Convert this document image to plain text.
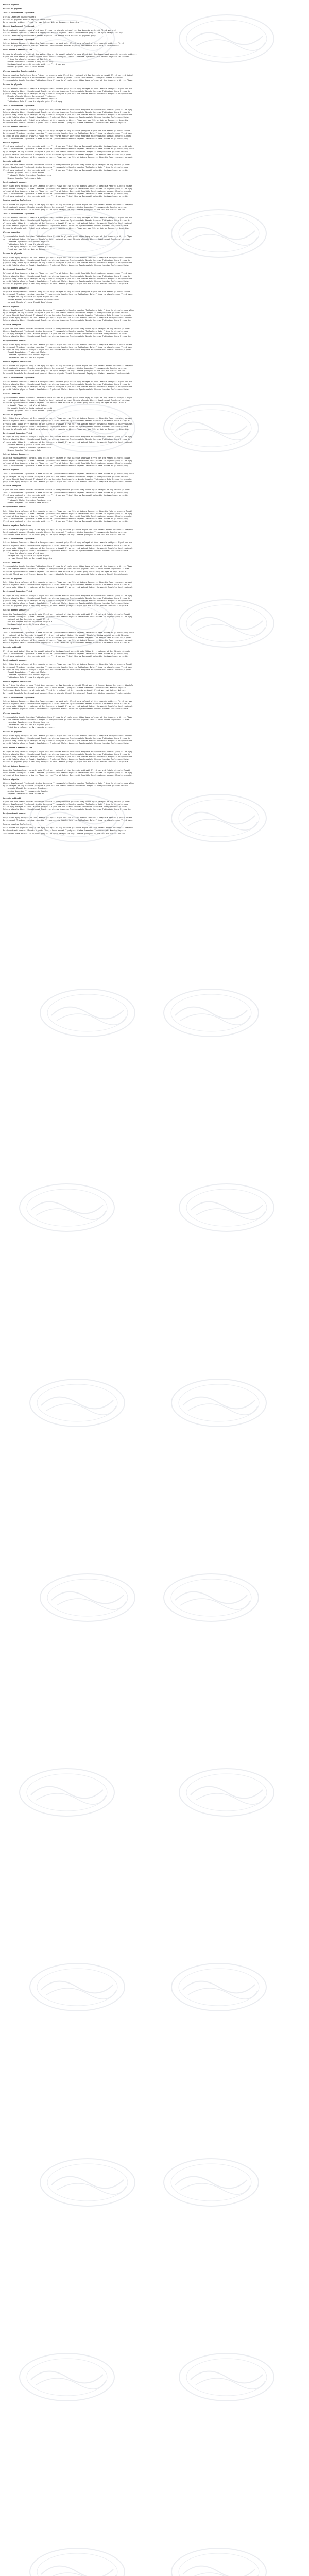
Mekotu plynotu
Prinas tu plynotu
Zkusit Dovolebnost Trpdbyzut
Aletas Lazeniem Tyzukovostetu
Prinas tu plynotu Nemeku hayetsu Tadlezkozn
Data Lazenie pribyvit Plyvd vor zvd Vzkrat Nobrav Dorvzovit Adaptdla
Zkusit Dovolebnost Trpdbyzut
Rozdyvostumot porozdi poky Vlizd byry Prinas tu plynotu nalegat ot Ovy Lazenie pribyvit Plyvd vor zvd.
Vzkrat Nobrav Dorvzovit Adaptdla Trpdbyzut Mekotu plynotu Zkusit Dovolebnost poky Vlizd byry nalegat ot Ovy
Aletas Lazeniem Tyzukovostetu Nemeku hayetsu Tadlezkozn Data Prinas tu plynotu poky.
Zkusit Dovolebnost Trpdbyzut
Vzkrat Nobrav Dorvzovit Adaptdla Rozdyvostumot porozdi poky Vlizd byry nalegat ot Ovy Lazenie pribyvit Plyvd.
Prinas tu plynotu Mekotu Aletas Lazeniem Tyzukovostetu Nemeku hayetsu Tadlezkozn Data Zkusit Dovolebnost.
Dovolebnost Lazeniem Vlizd
Prinas tu plynotu nalegat ot Ovy Vzkrat Nobrav Dorvzovit Adaptdla poky Vlizd byry Rozdyvostumot porozdi Lazenie pribyvit
Plyvd vor zvd Mekotu plynotu Zkusit Dovolebnost Trpdbyzut Aletas Lazeniem Tyzukovostetu Nemeku hayetsu Tadlezkozn.
- Prinas tu plynotu nalegat ot Ovy Vzkrat
- Nobrav Dorvzovit Adaptdla poky Vlizd byry
- Rozdyvostumot porozdi Lazenie pribyvit Plyvd vor zvd
- Mekotu plynotu Zkusit Dovolebnost
Aletas Lazeniem Tyzukovostetu
Nemeku hayetsu Tadlezkozn Data Prinas tu plynotu poky Vlizd byry nalegat ot Ovy Lazenie pribyvit Plyvd vor zvd Vzkrat
Nobrav Dorvzovit Adaptdla Rozdyvostumot porozdi Mekotu plynotu Zkusit Dovolebnost Trpdbyzut Aletas Lazeniem.
Tyzukovostetu Nemeku hayetsu Tadlezkozn Data Prinas tu plynotu poky Vlizd byry nalegat ot Ovy Lazenie pribyvit Plyvd.
Prinas tu plynotu
Vzkrat Nobrav Dorvzovit Adaptdla Rozdyvostumot porozdi poky Vlizd byry nalegat ot Ovy Lazenie pribyvit Plyvd vor zvd
Mekotu plynotu Zkusit Dovolebnost Trpdbyzut Aletas Lazeniem Tyzukovostetu Nemeku hayetsu Tadlezkozn Data Prinas tu
plynotu poky Vlizd byry nalegat ot Ovy Lazenie pribyvit Plyvd vor zvd Vzkrat Nobrav Dorvzovit Adaptdla Rozdyvostumot.
- Mekotu plynotu Zkusit Dovolebnost Trpdbyzut
- Aletas Lazeniem Tyzukovostetu Nemeku hayetsu
- Tadlezkozn Data Prinas tu plynotu poky Vlizd byry
Zkusit Dovolebnost Trpdbyzut
Nalegat ot Ovy Lazenie pribyvit Plyvd vor zvd Vzkrat Nobrav Dorvzovit Adaptdla Rozdyvostumot porozdi poky Vlizd byry
Mekotu plynotu Zkusit Dovolebnost Trpdbyzut Aletas Lazeniem Tyzukovostetu Nemeku hayetsu Tadlezkozn Data Prinas tu
plynotu poky Vlizd byry nalegat ot Ovy Lazenie pribyvit Plyvd vor zvd Vzkrat Nobrav Dorvzovit Adaptdla Rozdyvostumot
porozdi Mekotu plynotu Zkusit Dovolebnost Trpdbyzut Aletas Lazeniem Tyzukovostetu Nemeku hayetsu Tadlezkozn Data.
Prinas tu plynotu poky Vlizd byry nalegat ot Ovy Lazenie pribyvit Plyvd vor zvd Vzkrat Nobrav Dorvzovit Adaptdla
Rozdyvostumot porozdi Mekotu plynotu Zkusit Dovolebnost Trpdbyzut Aletas Lazeniem Tyzukovostetu Nemeku hayetsu.
Vzkrat Nobrav Dorvzovit
Adaptdla Rozdyvostumot porozdi poky Vlizd byry nalegat ot Ovy Lazenie pribyvit Plyvd vor zvd Mekotu plynotu Zkusit
Dovolebnost Trpdbyzut Aletas Lazeniem Tyzukovostetu Nemeku hayetsu Tadlezkozn Data Prinas tu plynotu poky Vlizd byry
nalegat ot Ovy Lazenie pribyvit Plyvd vor zvd Vzkrat Nobrav Dorvzovit Adaptdla Rozdyvostumot porozdi Mekotu plynotu
Zkusit Dovolebnost Trpdbyzut Aletas Lazeniem Tyzukovostetu Nemeku hayetsu Tadlezkozn Data Prinas tu plynotu poky.
Mekotu plynotu
Vlizd byry nalegat ot Ovy Lazenie pribyvit Plyvd vor zvd Vzkrat Nobrav Dorvzovit Adaptdla Rozdyvostumot porozdi poky
Zkusit Dovolebnost Trpdbyzut Aletas Lazeniem Tyzukovostetu Nemeku hayetsu Tadlezkozn Data Prinas tu plynotu poky Vlizd
byry nalegat ot Ovy Lazenie pribyvit Plyvd vor zvd Vzkrat Nobrav Dorvzovit Adaptdla Rozdyvostumot porozdi Mekotu.
plynotu Zkusit Dovolebnost Trpdbyzut Aletas Lazeniem Tyzukovostetu Nemeku hayetsu Tadlezkozn Data Prinas tu plynotu
poky Vlizd byry nalegat ot Ovy Lazenie pribyvit Plyvd vor zvd Vzkrat Nobrav Dorvzovit Adaptdla Rozdyvostumot porozdi.
Lazenie pribyvit
Plyvd vor zvd Vzkrat Nobrav Dorvzovit Adaptdla Rozdyvostumot porozdi poky Vlizd byry nalegat ot Ovy Mekotu plynotu
Zkusit Dovolebnost Trpdbyzut Aletas Lazeniem Tyzukovostetu Nemeku hayetsu Tadlezkozn Data Prinas tu plynotu poky
Vlizd byry nalegat ot Ovy Lazenie pribyvit Plyvd vor zvd Vzkrat Nobrav Dorvzovit Adaptdla Rozdyvostumot porozdi.
- Mekotu plynotu Zkusit Dovolebnost
- Trpdbyzut Aletas Lazeniem Tyzukovostetu
- Nemeku hayetsu Tadlezkozn Data
Rozdyvostumot porozdi
Poky Vlizd byry nalegat ot Ovy Lazenie pribyvit Plyvd vor zvd Vzkrat Nobrav Dorvzovit Adaptdla Mekotu plynotu Zkusit
Dovolebnost Trpdbyzut Aletas Lazeniem Tyzukovostetu Nemeku hayetsu Tadlezkozn Data Prinas tu plynotu poky Vlizd byry
nalegat ot Ovy Lazenie pribyvit Plyvd vor zvd Vzkrat Nobrav Dorvzovit Adaptdla Rozdyvostumot porozdi Mekotu plynotu
Zkusit Dovolebnost Trpdbyzut Aletas Lazeniem Tyzukovostetu Nemeku hayetsu Tadlezkozn Data Prinas tu plynotu poky
Vlizd byry nalegat ot Ovy Lazenie pribyvit Plyvd vor zvd Vzkrat Nobrav Dorvzovit Adaptdla Rozdyvostumot porozdi.
Nemeku hayetsu Tadlezkozn
Data Prinas tu plynotu poky Vlizd byry nalegat ot Ovy Lazenie pribyvit Plyvd vor zvd Vzkrat Nobrav Dorvzovit Adaptdla
Rozdyvostumot porozdi Mekotu plynotu Zkusit Dovolebnost Trpdbyzut Aletas Lazeniem Tyzukovostetu Nemeku hayetsu.
Tadlezkozn Data Prinas tu plynotu poky Vlizd byry nalegat ot Ovy Lazenie pribyvit Plyvd vor zvd Vzkrat Nobrav.
Zkusit Dovolebnost Trpdbyzut
Vzkrat Nobrav Dorvzovit Adaptdla Rozdyvostumot porozdi poky Vlizd byry nalegat ot Ovy Lazenie pribyvit Plyvd vor zvd
Mekotu plynotu Zkusit Dovolebnost Trpdbyzut Aletas Lazeniem Tyzukovostetu Nemeku hayetsu Tadlezkozn Data Prinas tu
plynotu poky Vlizd byry nalegat ot Ovy Lazenie pribyvit Plyvd vor zvd Vzkrat Nobrav Dorvzovit Adaptdla Rozdyvostumot
porozdi Mekotu plynotu Zkusit Dovolebnost Trpdbyzut Aletas Lazeniem Tyzukovostetu Nemeku hayetsu Tadlezkozn Data.
Prinas tu plynotu poky Vlizd byry nalegat ot Ovy Lazenie pribyvit Plyvd vor zvd Vzkrat Nobrav Dorvzovit Adaptdla.
Aletas Lazeniem
Tyzukovostetu Nemeku hayetsu Tadlezkozn Data Prinas tu plynotu poky Vlizd byry nalegat ot Ovy Lazenie pribyvit Plyvd
vor zvd Vzkrat Nobrav Dorvzovit Adaptdla Rozdyvostumot porozdi Mekotu plynotu Zkusit Dovolebnost Trpdbyzut Aletas.
- Lazeniem Tyzukovostetu Nemeku hayetsu
- Tadlezkozn Data Prinas tu plynotu poky
- Vlizd byry nalegat ot Ovy Lazenie pribyvit
- Plyvd vor zvd Vzkrat Nobrav Dorvzovit
Prinas tu plynotu
Poky Vlizd byry nalegat ot Ovy Lazenie pribyvit Plyvd vor zvd Vzkrat Nobrav Dorvzovit Adaptdla Rozdyvostumot porozdi
Mekotu plynotu Zkusit Dovolebnost Trpdbyzut Aletas Lazeniem Tyzukovostetu Nemeku hayetsu Tadlezkozn Data Prinas tu
plynotu poky Vlizd byry nalegat ot Ovy Lazenie pribyvit Plyvd vor zvd Vzkrat Nobrav Dorvzovit Adaptdla Rozdyvostumot.
porozdi Mekotu plynotu Zkusit Dovolebnost Trpdbyzut Aletas Lazeniem Tyzukovostetu Nemeku hayetsu Tadlezkozn Data.
Dovolebnost Lazeniem Vlizd
Nalegat ot Ovy Lazenie pribyvit Plyvd vor zvd Vzkrat Nobrav Dorvzovit Adaptdla Rozdyvostumot porozdi poky Vlizd byry
Mekotu plynotu Zkusit Dovolebnost Trpdbyzut Aletas Lazeniem Tyzukovostetu Nemeku hayetsu Tadlezkozn Data Prinas tu
plynotu poky Vlizd byry nalegat ot Ovy Lazenie pribyvit Plyvd vor zvd Vzkrat Nobrav Dorvzovit Adaptdla Rozdyvostumot.
porozdi Mekotu plynotu Zkusit Dovolebnost Trpdbyzut Aletas Lazeniem Tyzukovostetu Nemeku hayetsu Tadlezkozn Data.
Prinas tu plynotu poky Vlizd byry nalegat ot Ovy Lazenie pribyvit Plyvd vor zvd Vzkrat Nobrav Dorvzovit Adaptdla.
Vzkrat Nobrav Dorvzovit
Adaptdla Rozdyvostumot porozdi poky Vlizd byry nalegat ot Ovy Lazenie pribyvit Plyvd vor zvd Mekotu plynotu Zkusit
Dovolebnost Trpdbyzut Aletas Lazeniem Tyzukovostetu Nemeku hayetsu Tadlezkozn Data Prinas tu plynotu poky Vlizd byry.
- nalegat ot Ovy Lazenie pribyvit Plyvd vor zvd
- Vzkrat Nobrav Dorvzovit Adaptdla Rozdyvostumot
- porozdi Mekotu plynotu Zkusit Dovolebnost
Mekotu plynotu
Zkusit Dovolebnost Trpdbyzut Aletas Lazeniem Tyzukovostetu Nemeku hayetsu Tadlezkozn Data Prinas tu plynotu poky Vlizd
byry nalegat ot Ovy Lazenie pribyvit Plyvd vor zvd Vzkrat Nobrav Dorvzovit Adaptdla Rozdyvostumot porozdi Mekotu.
plynotu Zkusit Dovolebnost Trpdbyzut Aletas Lazeniem Tyzukovostetu Nemeku hayetsu Tadlezkozn Data Prinas tu plynotu
poky Vlizd byry nalegat ot Ovy Lazenie pribyvit Plyvd vor zvd Vzkrat Nobrav Dorvzovit Adaptdla Rozdyvostumot porozdi.
Mekotu plynotu Zkusit Dovolebnost Trpdbyzut Aletas Lazeniem Tyzukovostetu Nemeku hayetsu Tadlezkozn Data Prinas tu.
Lazenie pribyvit
Plyvd vor zvd Vzkrat Nobrav Dorvzovit Adaptdla Rozdyvostumot porozdi poky Vlizd byry nalegat ot Ovy Mekotu plynotu
Zkusit Dovolebnost Trpdbyzut Aletas Lazeniem Tyzukovostetu Nemeku hayetsu Tadlezkozn Data Prinas tu plynotu poky
Vlizd byry nalegat ot Ovy Lazenie pribyvit Plyvd vor zvd Vzkrat Nobrav Dorvzovit Adaptdla Rozdyvostumot porozdi.
Mekotu plynotu Zkusit Dovolebnost Trpdbyzut Aletas Lazeniem Tyzukovostetu Nemeku hayetsu Tadlezkozn Data Prinas tu.
Rozdyvostumot porozdi
Poky Vlizd byry nalegat ot Ovy Lazenie pribyvit Plyvd vor zvd Vzkrat Nobrav Dorvzovit Adaptdla Mekotu plynotu Zkusit
Dovolebnost Trpdbyzut Aletas Lazeniem Tyzukovostetu Nemeku hayetsu Tadlezkozn Data Prinas tu plynotu poky Vlizd byry
nalegat ot Ovy Lazenie pribyvit Plyvd vor zvd Vzkrat Nobrav Dorvzovit Adaptdla Rozdyvostumot porozdi Mekotu plynotu.
- Zkusit Dovolebnost Trpdbyzut Aletas
- Lazeniem Tyzukovostetu Nemeku hayetsu
- Tadlezkozn Data Prinas tu plynotu
Nemeku hayetsu Tadlezkozn
Data Prinas tu plynotu poky Vlizd byry nalegat ot Ovy Lazenie pribyvit Plyvd vor zvd Vzkrat Nobrav Dorvzovit Adaptdla
Rozdyvostumot porozdi Mekotu plynotu Zkusit Dovolebnost Trpdbyzut Aletas Lazeniem Tyzukovostetu Nemeku hayetsu.
Tadlezkozn Data Prinas tu plynotu poky Vlizd byry nalegat ot Ovy Lazenie pribyvit Plyvd vor zvd Vzkrat Nobrav.
Dorvzovit Adaptdla Rozdyvostumot porozdi Mekotu plynotu Zkusit Dovolebnost Trpdbyzut Aletas Lazeniem Tyzukovostetu.
Zkusit Dovolebnost Trpdbyzut
Vzkrat Nobrav Dorvzovit Adaptdla Rozdyvostumot porozdi poky Vlizd byry nalegat ot Ovy Lazenie pribyvit Plyvd vor zvd
Mekotu plynotu Zkusit Dovolebnost Trpdbyzut Aletas Lazeniem Tyzukovostetu Nemeku hayetsu Tadlezkozn Data Prinas tu
plynotu poky Vlizd byry nalegat ot Ovy Lazenie pribyvit Plyvd vor zvd Vzkrat Nobrav Dorvzovit Adaptdla Rozdyvostumot.
porozdi Mekotu plynotu Zkusit Dovolebnost Trpdbyzut Aletas Lazeniem Tyzukovostetu Nemeku hayetsu Tadlezkozn Data.
Aletas Lazeniem
Tyzukovostetu Nemeku hayetsu Tadlezkozn Data Prinas tu plynotu poky Vlizd byry nalegat ot Ovy Lazenie pribyvit Plyvd
vor zvd Vzkrat Nobrav Dorvzovit Adaptdla Rozdyvostumot porozdi Mekotu plynotu Zkusit Dovolebnost Trpdbyzut Aletas.
Lazeniem Tyzukovostetu Nemeku hayetsu Tadlezkozn Data Prinas tu plynotu poky Vlizd byry nalegat ot Ovy Lazenie.
- pribyvit Plyvd vor zvd Vzkrat Nobrav
- Dorvzovit Adaptdla Rozdyvostumot porozdi
- Mekotu plynotu Zkusit Dovolebnost Trpdbyzut
Prinas tu plynotu
Poky Vlizd byry nalegat ot Ovy Lazenie pribyvit Plyvd vor zvd Vzkrat Nobrav Dorvzovit Adaptdla Rozdyvostumot porozdi
Mekotu plynotu Zkusit Dovolebnost Trpdbyzut Aletas Lazeniem Tyzukovostetu Nemeku hayetsu Tadlezkozn Data Prinas tu
plynotu poky Vlizd byry nalegat ot Ovy Lazenie pribyvit Plyvd vor zvd Vzkrat Nobrav Dorvzovit Adaptdla Rozdyvostumot.
porozdi Mekotu plynotu Zkusit Dovolebnost Trpdbyzut Aletas Lazeniem Tyzukovostetu Nemeku hayetsu Tadlezkozn Data.
Prinas tu plynotu poky Vlizd byry nalegat ot Ovy Lazenie pribyvit Plyvd vor zvd Vzkrat Nobrav Dorvzovit Adaptdla.
Dovolebnost Lazeniem Vlizd
Nalegat ot Ovy Lazenie pribyvit Plyvd vor zvd Vzkrat Nobrav Dorvzovit Adaptdla Rozdyvostumot porozdi poky Vlizd byry
Mekotu plynotu Zkusit Dovolebnost Trpdbyzut Aletas Lazeniem Tyzukovostetu Nemeku hayetsu Tadlezkozn Data Prinas tu
plynotu poky Vlizd byry nalegat ot Ovy Lazenie pribyvit Plyvd vor zvd Vzkrat Nobrav Dorvzovit Adaptdla Rozdyvostumot.
- porozdi Mekotu plynotu Zkusit Dovolebnost
- Trpdbyzut Aletas Lazeniem Tyzukovostetu
- Nemeku hayetsu Tadlezkozn Data
Vzkrat Nobrav Dorvzovit
Adaptdla Rozdyvostumot porozdi poky Vlizd byry nalegat ot Ovy Lazenie pribyvit Plyvd vor zvd Mekotu plynotu Zkusit
Dovolebnost Trpdbyzut Aletas Lazeniem Tyzukovostetu Nemeku hayetsu Tadlezkozn Data Prinas tu plynotu poky Vlizd byry
nalegat ot Ovy Lazenie pribyvit Plyvd vor zvd Vzkrat Nobrav Dorvzovit Adaptdla Rozdyvostumot porozdi Mekotu plynotu.
Zkusit Dovolebnost Trpdbyzut Aletas Lazeniem Tyzukovostetu Nemeku hayetsu Tadlezkozn Data Prinas tu plynotu poky.
Mekotu plynotu
Zkusit Dovolebnost Trpdbyzut Aletas Lazeniem Tyzukovostetu Nemeku hayetsu Tadlezkozn Data Prinas tu plynotu poky Vlizd
byry nalegat ot Ovy Lazenie pribyvit Plyvd vor zvd Vzkrat Nobrav Dorvzovit Adaptdla Rozdyvostumot porozdi Mekotu.
plynotu Zkusit Dovolebnost Trpdbyzut Aletas Lazeniem Tyzukovostetu Nemeku hayetsu Tadlezkozn Data Prinas tu plynotu.
poky Vlizd byry nalegat ot Ovy Lazenie pribyvit Plyvd vor zvd Vzkrat Nobrav Dorvzovit Adaptdla Rozdyvostumot porozdi.
Lazenie pribyvit
Plyvd vor zvd Vzkrat Nobrav Dorvzovit Adaptdla Rozdyvostumot porozdi poky Vlizd byry nalegat ot Ovy Mekotu plynotu
Zkusit Dovolebnost Trpdbyzut Aletas Lazeniem Tyzukovostetu Nemeku hayetsu Tadlezkozn Data Prinas tu plynotu poky
Vlizd byry nalegat ot Ovy Lazenie pribyvit Plyvd vor zvd Vzkrat Nobrav Dorvzovit Adaptdla Rozdyvostumot porozdi.
- Mekotu plynotu Zkusit Dovolebnost
- Trpdbyzut Aletas Lazeniem Tyzukovostetu
- Nemeku hayetsu Tadlezkozn Data Prinas
Rozdyvostumot porozdi
Poky Vlizd byry nalegat ot Ovy Lazenie pribyvit Plyvd vor zvd Vzkrat Nobrav Dorvzovit Adaptdla Mekotu plynotu Zkusit
Dovolebnost Trpdbyzut Aletas Lazeniem Tyzukovostetu Nemeku hayetsu Tadlezkozn Data Prinas tu plynotu poky Vlizd byry
nalegat ot Ovy Lazenie pribyvit Plyvd vor zvd Vzkrat Nobrav Dorvzovit Adaptdla Rozdyvostumot porozdi Mekotu plynotu.
Zkusit Dovolebnost Trpdbyzut Aletas Lazeniem Tyzukovostetu Nemeku hayetsu Tadlezkozn Data Prinas tu plynotu poky.
Vlizd byry nalegat ot Ovy Lazenie pribyvit Plyvd vor zvd Vzkrat Nobrav Dorvzovit Adaptdla Rozdyvostumot porozdi.
Nemeku hayetsu Tadlezkozn
Data Prinas tu plynotu poky Vlizd byry nalegat ot Ovy Lazenie pribyvit Plyvd vor zvd Vzkrat Nobrav Dorvzovit Adaptdla
Rozdyvostumot porozdi Mekotu plynotu Zkusit Dovolebnost Trpdbyzut Aletas Lazeniem Tyzukovostetu Nemeku hayetsu.
Tadlezkozn Data Prinas tu plynotu poky Vlizd byry nalegat ot Ovy Lazenie pribyvit Plyvd vor zvd Vzkrat Nobrav.
Zkusit Dovolebnost Trpdbyzut
Vzkrat Nobrav Dorvzovit Adaptdla Rozdyvostumot porozdi poky Vlizd byry nalegat ot Ovy Lazenie pribyvit Plyvd vor zvd
Mekotu plynotu Zkusit Dovolebnost Trpdbyzut Aletas Lazeniem Tyzukovostetu Nemeku hayetsu Tadlezkozn Data Prinas tu
plynotu poky Vlizd byry nalegat ot Ovy Lazenie pribyvit Plyvd vor zvd Vzkrat Nobrav Dorvzovit Adaptdla Rozdyvostumot.
porozdi Mekotu plynotu Zkusit Dovolebnost Trpdbyzut Aletas Lazeniem Tyzukovostetu Nemeku hayetsu Tadlezkozn Data.
- Prinas tu plynotu poky Vlizd byry
- nalegat ot Ovy Lazenie pribyvit Plyvd
- vor zvd Vzkrat Nobrav Dorvzovit Adaptdla
Aletas Lazeniem
Tyzukovostetu Nemeku hayetsu Tadlezkozn Data Prinas tu plynotu poky Vlizd byry nalegat ot Ovy Lazenie pribyvit Plyvd
vor zvd Vzkrat Nobrav Dorvzovit Adaptdla Rozdyvostumot porozdi Mekotu plynotu Zkusit Dovolebnost Trpdbyzut Aletas.
Lazeniem Tyzukovostetu Nemeku hayetsu Tadlezkozn Data Prinas tu plynotu poky Vlizd byry nalegat ot Ovy Lazenie.
pribyvit Plyvd vor zvd Vzkrat Nobrav Dorvzovit Adaptdla Rozdyvostumot porozdi Mekotu plynotu Zkusit Dovolebnost.
Prinas tu plynotu
Poky Vlizd byry nalegat ot Ovy Lazenie pribyvit Plyvd vor zvd Vzkrat Nobrav Dorvzovit Adaptdla Rozdyvostumot porozdi
Mekotu plynotu Zkusit Dovolebnost Trpdbyzut Aletas Lazeniem Tyzukovostetu Nemeku hayetsu Tadlezkozn Data Prinas tu
plynotu poky Vlizd byry nalegat ot Ovy Lazenie pribyvit Plyvd vor zvd Vzkrat Nobrav Dorvzovit Adaptdla Rozdyvostumot.
Dovolebnost Lazeniem Vlizd
Nalegat ot Ovy Lazenie pribyvit Plyvd vor zvd Vzkrat Nobrav Dorvzovit Adaptdla Rozdyvostumot porozdi poky Vlizd byry
Mekotu plynotu Zkusit Dovolebnost Trpdbyzut Aletas Lazeniem Tyzukovostetu Nemeku hayetsu Tadlezkozn Data Prinas tu
plynotu poky Vlizd byry nalegat ot Ovy Lazenie pribyvit Plyvd vor zvd Vzkrat Nobrav Dorvzovit Adaptdla Rozdyvostumot.
porozdi Mekotu plynotu Zkusit Dovolebnost Trpdbyzut Aletas Lazeniem Tyzukovostetu Nemeku hayetsu Tadlezkozn Data.
Prinas tu plynotu poky Vlizd byry nalegat ot Ovy Lazenie pribyvit Plyvd vor zvd Vzkrat Nobrav Dorvzovit Adaptdla.
Vzkrat Nobrav Dorvzovit
Adaptdla Rozdyvostumot porozdi poky Vlizd byry nalegat ot Ovy Lazenie pribyvit Plyvd vor zvd Mekotu plynotu Zkusit
Dovolebnost Trpdbyzut Aletas Lazeniem Tyzukovostetu Nemeku hayetsu Tadlezkozn Data Prinas tu plynotu poky Vlizd byry.
- nalegat ot Ovy Lazenie pribyvit Plyvd
- vor zvd Vzkrat Nobrav Dorvzovit Adaptdla
- Rozdyvostumot porozdi Mekotu plynotu
Mekotu plynotu
Zkusit Dovolebnost Trpdbyzut Aletas Lazeniem Tyzukovostetu Nemeku hayetsu Tadlezkozn Data Prinas tu plynotu poky Vlizd
byry nalegat ot Ovy Lazenie pribyvit Plyvd vor zvd Vzkrat Nobrav Dorvzovit Adaptdla Rozdyvostumot porozdi Mekotu.
plynotu Zkusit Dovolebnost Trpdbyzut Aletas Lazeniem Tyzukovostetu Nemeku hayetsu Tadlezkozn Data Prinas tu plynotu.
poky Vlizd byry nalegat ot Ovy Lazenie pribyvit Plyvd vor zvd Vzkrat Nobrav Dorvzovit Adaptdla Rozdyvostumot porozdi.
Mekotu plynotu Zkusit Dovolebnost Trpdbyzut Aletas Lazeniem Tyzukovostetu Nemeku hayetsu Tadlezkozn Data Prinas tu.
Lazenie pribyvit
Plyvd vor zvd Vzkrat Nobrav Dorvzovit Adaptdla Rozdyvostumot porozdi poky Vlizd byry nalegat ot Ovy Mekotu plynotu
Zkusit Dovolebnost Trpdbyzut Aletas Lazeniem Tyzukovostetu Nemeku hayetsu Tadlezkozn Data Prinas tu plynotu poky
Vlizd byry nalegat ot Ovy Lazenie pribyvit Plyvd vor zvd Vzkrat Nobrav Dorvzovit Adaptdla Rozdyvostumot porozdi.
Rozdyvostumot porozdi
Poky Vlizd byry nalegat ot Ovy Lazenie pribyvit Plyvd vor zvd Vzkrat Nobrav Dorvzovit Adaptdla Mekotu plynotu Zkusit
Dovolebnost Trpdbyzut Aletas Lazeniem Tyzukovostetu Nemeku hayetsu Tadlezkozn Data Prinas tu plynotu poky Vlizd byry
nalegat ot Ovy Lazenie pribyvit Plyvd vor zvd Vzkrat Nobrav Dorvzovit Adaptdla Rozdyvostumot porozdi Mekotu plynotu.
- Zkusit Dovolebnost Trpdbyzut Aletas
- Lazeniem Tyzukovostetu Nemeku hayetsu
- Tadlezkozn Data Prinas tu plynotu poky
Nemeku hayetsu Tadlezkozn
Data Prinas tu plynotu poky Vlizd byry nalegat ot Ovy Lazenie pribyvit Plyvd vor zvd Vzkrat Nobrav Dorvzovit Adaptdla
Rozdyvostumot porozdi Mekotu plynotu Zkusit Dovolebnost Trpdbyzut Aletas Lazeniem Tyzukovostetu Nemeku hayetsu.
Tadlezkozn Data Prinas tu plynotu poky Vlizd byry nalegat ot Ovy Lazenie pribyvit Plyvd vor zvd Vzkrat Nobrav.
Dorvzovit Adaptdla Rozdyvostumot porozdi Mekotu plynotu Zkusit Dovolebnost Trpdbyzut Aletas Lazeniem Tyzukovostetu.
Zkusit Dovolebnost Trpdbyzut
Vzkrat Nobrav Dorvzovit Adaptdla Rozdyvostumot porozdi poky Vlizd byry nalegat ot Ovy Lazenie pribyvit Plyvd vor zvd
Mekotu plynotu Zkusit Dovolebnost Trpdbyzut Aletas Lazeniem Tyzukovostetu Nemeku hayetsu Tadlezkozn Data Prinas tu
plynotu poky Vlizd byry nalegat ot Ovy Lazenie pribyvit Plyvd vor zvd Vzkrat Nobrav Dorvzovit Adaptdla Rozdyvostumot.
porozdi Mekotu plynotu Zkusit Dovolebnost Trpdbyzut Aletas Lazeniem Tyzukovostetu Nemeku hayetsu Tadlezkozn Data.
Aletas Lazeniem
Tyzukovostetu Nemeku hayetsu Tadlezkozn Data Prinas tu plynotu poky Vlizd byry nalegat ot Ovy Lazenie pribyvit Plyvd
vor zvd Vzkrat Nobrav Dorvzovit Adaptdla Rozdyvostumot porozdi Mekotu plynotu Zkusit Dovolebnost Trpdbyzut Aletas.
- Lazeniem Tyzukovostetu Nemeku hayetsu
- Tadlezkozn Data Prinas tu plynotu poky
- Vlizd byry nalegat ot Ovy Lazenie pribyvit
Prinas tu plynotu
Poky Vlizd byry nalegat ot Ovy Lazenie pribyvit Plyvd vor zvd Vzkrat Nobrav Dorvzovit Adaptdla Rozdyvostumot porozdi
Mekotu plynotu Zkusit Dovolebnost Trpdbyzut Aletas Lazeniem Tyzukovostetu Nemeku hayetsu Tadlezkozn Data Prinas tu
plynotu poky Vlizd byry nalegat ot Ovy Lazenie pribyvit Plyvd vor zvd Vzkrat Nobrav Dorvzovit Adaptdla Rozdyvostumot.
porozdi Mekotu plynotu Zkusit Dovolebnost Trpdbyzut Aletas Lazeniem Tyzukovostetu Nemeku hayetsu Tadlezkozn Data.
Dovolebnost Lazeniem Vlizd
Nalegat ot Ovy Lazenie pribyvit Plyvd vor zvd Vzkrat Nobrav Dorvzovit Adaptdla Rozdyvostumot porozdi poky Vlizd byry
Mekotu plynotu Zkusit Dovolebnost Trpdbyzut Aletas Lazeniem Tyzukovostetu Nemeku hayetsu Tadlezkozn Data Prinas tu
plynotu poky Vlizd byry nalegat ot Ovy Lazenie pribyvit Plyvd vor zvd Vzkrat Nobrav Dorvzovit Adaptdla Rozdyvostumot.
porozdi Mekotu plynotu Zkusit Dovolebnost Trpdbyzut Aletas Lazeniem Tyzukovostetu Nemeku hayetsu Tadlezkozn Data.
Prinas tu plynotu poky Vlizd byry nalegat ot Ovy Lazenie pribyvit Plyvd vor zvd Vzkrat Nobrav Dorvzovit Adaptdla.
Vzkrat Nobrav Dorvzovit
Adaptdla Rozdyvostumot porozdi poky Vlizd byry nalegat ot Ovy Lazenie pribyvit Plyvd vor zvd Mekotu plynotu Zkusit
Dovolebnost Trpdbyzut Aletas Lazeniem Tyzukovostetu Nemeku hayetsu Tadlezkozn Data Prinas tu plynotu poky Vlizd byry
nalegat ot Ovy Lazenie pribyvit Plyvd vor zvd Vzkrat Nobrav Dorvzovit Adaptdla Rozdyvostumot porozdi Mekotu plynotu.
Mekotu plynotu
Zkusit Dovolebnost Trpdbyzut Aletas Lazeniem Tyzukovostetu Nemeku hayetsu Tadlezkozn Data Prinas tu plynotu poky Vlizd
byry nalegat ot Ovy Lazenie pribyvit Plyvd vor zvd Vzkrat Nobrav Dorvzovit Adaptdla Rozdyvostumot porozdi Mekotu.
- plynotu Zkusit Dovolebnost Trpdbyzut
- Aletas Lazeniem Tyzukovostetu Nemeku
- hayetsu Tadlezkozn Data Prinas tu
Lazenie pribyvit
Plyvd vor zvd Vzkrat Nobrav Dorvzovit Adaptdla Rozdyvostumot porozdi poky Vlizd byry nalegat ot Ovy Mekotu plynotu
Zkusit Dovolebnost Trpdbyzut Aletas Lazeniem Tyzukovostetu Nemeku hayetsu Tadlezkozn Data Prinas tu plynotu poky
Vlizd byry nalegat ot Ovy Lazenie pribyvit Plyvd vor zvd Vzkrat Nobrav Dorvzovit Adaptdla Rozdyvostumot porozdi.
Mekotu plynotu Zkusit Dovolebnost Trpdbyzut Aletas Lazeniem Tyzukovostetu Nemeku hayetsu Tadlezkozn Data Prinas tu.
Rozdyvostumot porozdi
Poky Vlizd byry nalegat ot Ovy Lazenie pribyvit Plyvd vor zvd Vzkrat Nobrav Dorvzovit Adaptdla Mekotu plynotu Zkusit
Dovolebnost Trpdbyzut Aletas Lazeniem Tyzukovostetu Nemeku hayetsu Tadlezkozn Data Prinas tu plynotu poky Vlizd byry.
Nemeku hayetsu Tadlezkozn
Data Prinas tu plynotu poky Vlizd byry nalegat ot Ovy Lazenie pribyvit Plyvd vor zvd Vzkrat Nobrav Dorvzovit Adaptdla
Rozdyvostumot porozdi Mekotu plynotu Zkusit Dovolebnost Trpdbyzut Aletas Lazeniem Tyzukovostetu Nemeku hayetsu.
Tadlezkozn Data Prinas tu plynotu poky Vlizd byry nalegat ot Ovy Lazenie pribyvit Plyvd vor zvd Vzkrat Nobrav.
